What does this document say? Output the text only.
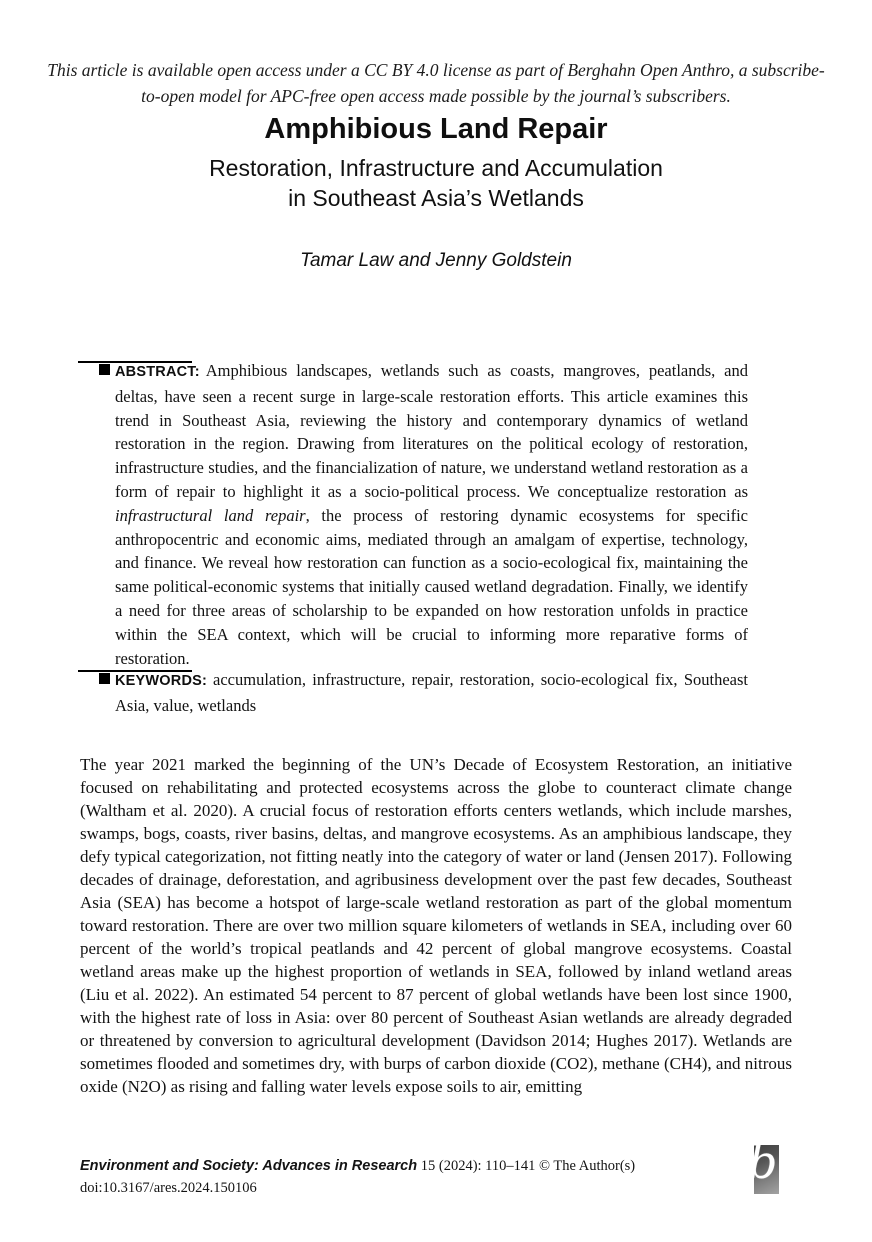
This article is available open access under a CC BY 4.0 license as part of Berghahn Open Anthro, a subscribe-to-open model for APC-free open access made possible by the journal’s subscribers.
Amphibious Land Repair
Restoration, Infrastructure and Accumulation
in Southeast Asia’s Wetlands
Tamar Law and Jenny Goldstein

ABSTRACT: Amphibious landscapes, wetlands such as coasts, mangroves, peatlands, and deltas, have seen a recent surge in large-scale restoration efforts. This article examines this trend in Southeast Asia, reviewing the history and contemporary dynamics of wetland restoration in the region. Drawing from literatures on the political ecology of restoration, infrastructure studies, and the financialization of nature, we understand wetland restoration as a form of repair to highlight it as a socio-political process. We conceptualize restoration as infrastructural land repair, the process of restoring dynamic ecosystems for specific anthropocentric and economic aims, mediated through an amalgam of expertise, technology, and finance. We reveal how restoration can function as a socio-ecological fix, maintaining the same political-economic systems that initially caused wetland degradation. Finally, we identify a need for three areas of scholarship to be expanded on how restoration unfolds in practice within the SEA context, which will be crucial to informing more reparative forms of restoration.

KEYWORDS: accumulation, infrastructure, repair, restoration, socio-ecological fix, Southeast Asia, value, wetlands

The year 2021 marked the beginning of the UN’s Decade of Ecosystem Restoration, an initiative focused on rehabilitating and protected ecosystems across the globe to counteract climate change (Waltham et al. 2020). A crucial focus of restoration efforts centers wetlands, which include marshes, swamps, bogs, coasts, river basins, deltas, and mangrove ecosystems. As an amphibious landscape, they defy typical categorization, not fitting neatly into the category of water or land (Jensen 2017). Following decades of drainage, deforestation, and agribusiness development over the past few decades, Southeast Asia (SEA) has become a hotspot of large-scale wetland restoration as part of the global momentum toward restoration. There are over two million square kilometers of wetlands in SEA, including over 60 percent of the world’s tropical peatlands and 42 percent of global mangrove ecosystems. Coastal wetland areas make up the highest proportion of wetlands in SEA, followed by inland wetland areas (Liu et al. 2022). An estimated 54 percent to 87 percent of global wetlands have been lost since 1900, with the highest rate of loss in Asia: over 80 percent of Southeast Asian wetlands are already degraded or threatened by conversion to agricultural development (Davidson 2014; Hughes 2017). Wetlands are sometimes flooded and sometimes dry, with burps of carbon dioxide (CO2), methane (CH4), and nitrous oxide (N2O) as rising and falling water levels expose soils to air, emitting

Environment and Society: Advances in Research 15 (2024): 110–141 © The Author(s)
doi:10.3167/ares.2024.150106	b
